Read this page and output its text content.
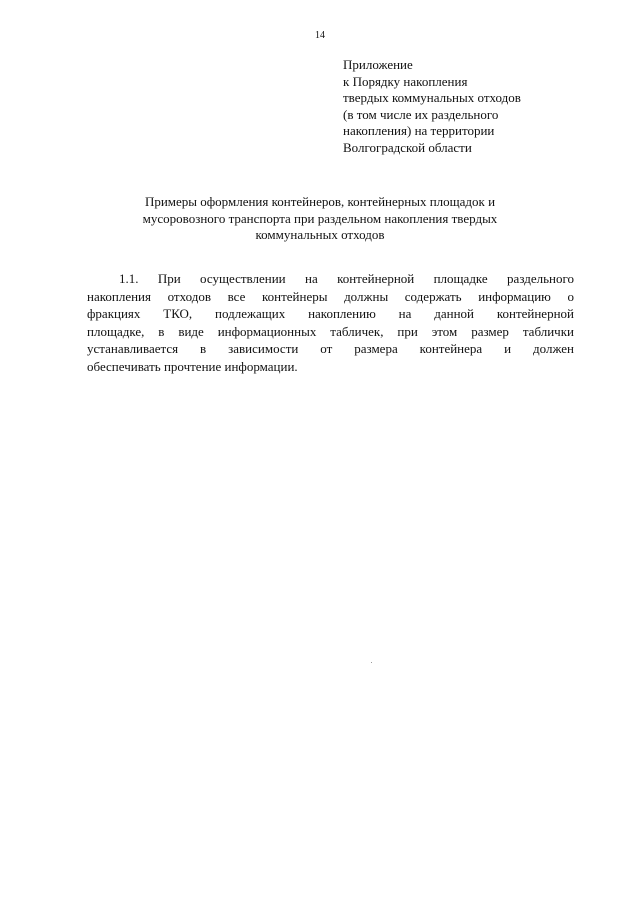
14
Приложение
к Порядку накопления
твердых коммунальных отходов
(в том числе их раздельного
накопления) на территории
Волгоградской области
Примеры оформления контейнеров, контейнерных площадок и
мусоровозного транспорта при раздельном накопления твердых
коммунальных отходов
1.1. При осуществлении на контейнерной площадке раздельного
накопления отходов все контейнеры должны содержать информацию о
фракциях ТКО, подлежащих накоплению на данной контейнерной
площадке, в виде информационных табличек, при этом размер таблички
устанавливается в зависимости от размера контейнера и должен
обеспечивать прочтение информации.
